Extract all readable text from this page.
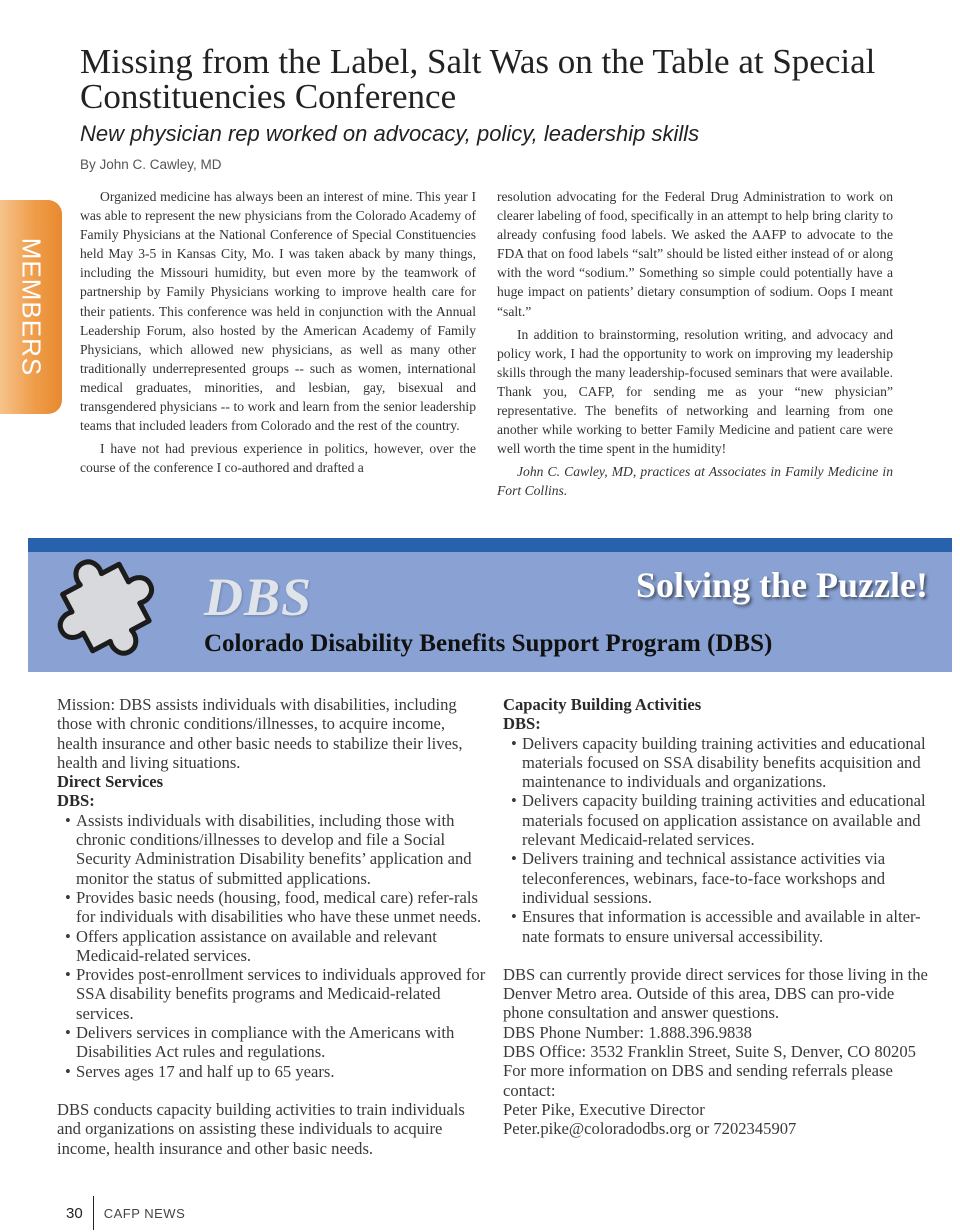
MEMBERS
Missing from the Label, Salt Was on the Table at Special Constituencies Conference
New physician rep worked on advocacy, policy, leadership skills
By John C. Cawley, MD

Organized medicine has always been an interest of mine. This year I was able to represent the new physicians from the Colorado Academy of Family Physicians at the National Conference of Special Constituencies held May 3-5 in Kansas City, Mo. I was taken aback by many things, including the Missouri humidity, but even more by the teamwork of partnership by Family Physicians working to improve health care for their patients. This conference was held in conjunction with the Annual Leadership Forum, also hosted by the American Academy of Family Physicians, which allowed new physicians, as well as many other traditionally underrepresented groups -- such as women, international medical graduates, minorities, and lesbian, gay, bisexual and transgendered physicians -- to work and learn from the senior leadership teams that included leaders from Colorado and the rest of the country.

I have not had previous experience in politics, however, over the course of the conference I co-authored and drafted a

resolution advocating for the Federal Drug Administration to work on clearer labeling of food, specifically in an attempt to help bring clarity to already confusing food labels. We asked the AAFP to advocate to the FDA that on food labels “salt” should be listed either instead of or along with the word “sodium.” Something so simple could potentially have a huge impact on patients’ dietary consumption of sodium. Oops I meant “salt.”

In addition to brainstorming, resolution writing, and advocacy and policy work, I had the opportunity to work on improving my leadership skills through the many leadership-focused seminars that were available. Thank you, CAFP, for sending me as your “new physician” representative. The benefits of networking and learning from one another while working to better Family Medicine and patient care were well worth the time spent in the humidity!

John C. Cawley, MD, practices at Associates in Family Medicine in Fort Collins.

DBS	Solving the Puzzle!
Colorado Disability Benefits Support Program (DBS)

Mission: DBS assists individuals with disabilities, including those with chronic conditions/illnesses, to acquire income, health insurance and other basic needs to stabilize their lives, health and living situations.

Direct Services

DBS:

• Assists individuals with disabilities, including those with chronic conditions/illnesses to develop and file a Social Security Administration Disability benefits’ application and monitor the status of submitted applications.
• Provides basic needs (housing, food, medical care) refer-rals for individuals with disabilities who have these unmet needs.
• Offers application assistance on available and relevant Medicaid-related services.
• Provides post-enrollment services to individuals approved for SSA disability benefits programs and Medicaid-related services.
• Delivers services in compliance with the Americans with Disabilities Act rules and regulations.
• Serves ages 17 and half up to 65 years.

DBS conducts capacity building activities to train individuals and organizations on assisting these individuals to acquire income, health insurance and other basic needs.

Capacity Building Activities

DBS:

• Delivers capacity building training activities and educational materials focused on SSA disability benefits acquisition and maintenance to individuals and organizations.
• Delivers capacity building training activities and educational materials focused on application assistance on available and relevant Medicaid-related services.
• Delivers training and technical assistance activities via teleconferences, webinars, face-to-face workshops and individual sessions.
• Ensures that information is accessible and available in alter-nate formats to ensure universal accessibility.

DBS can currently provide direct services for those living in the Denver Metro area. Outside of this area, DBS can pro-vide phone consultation and answer questions.

DBS Phone Number: 1.888.396.9838

DBS Office: 3532 Franklin Street, Suite S, Denver, CO 80205

For more information on DBS and sending referrals please contact:

Peter Pike, Executive Director

Peter.pike@coloradodbs.org or 7202345907

30 CAFP NEWS
